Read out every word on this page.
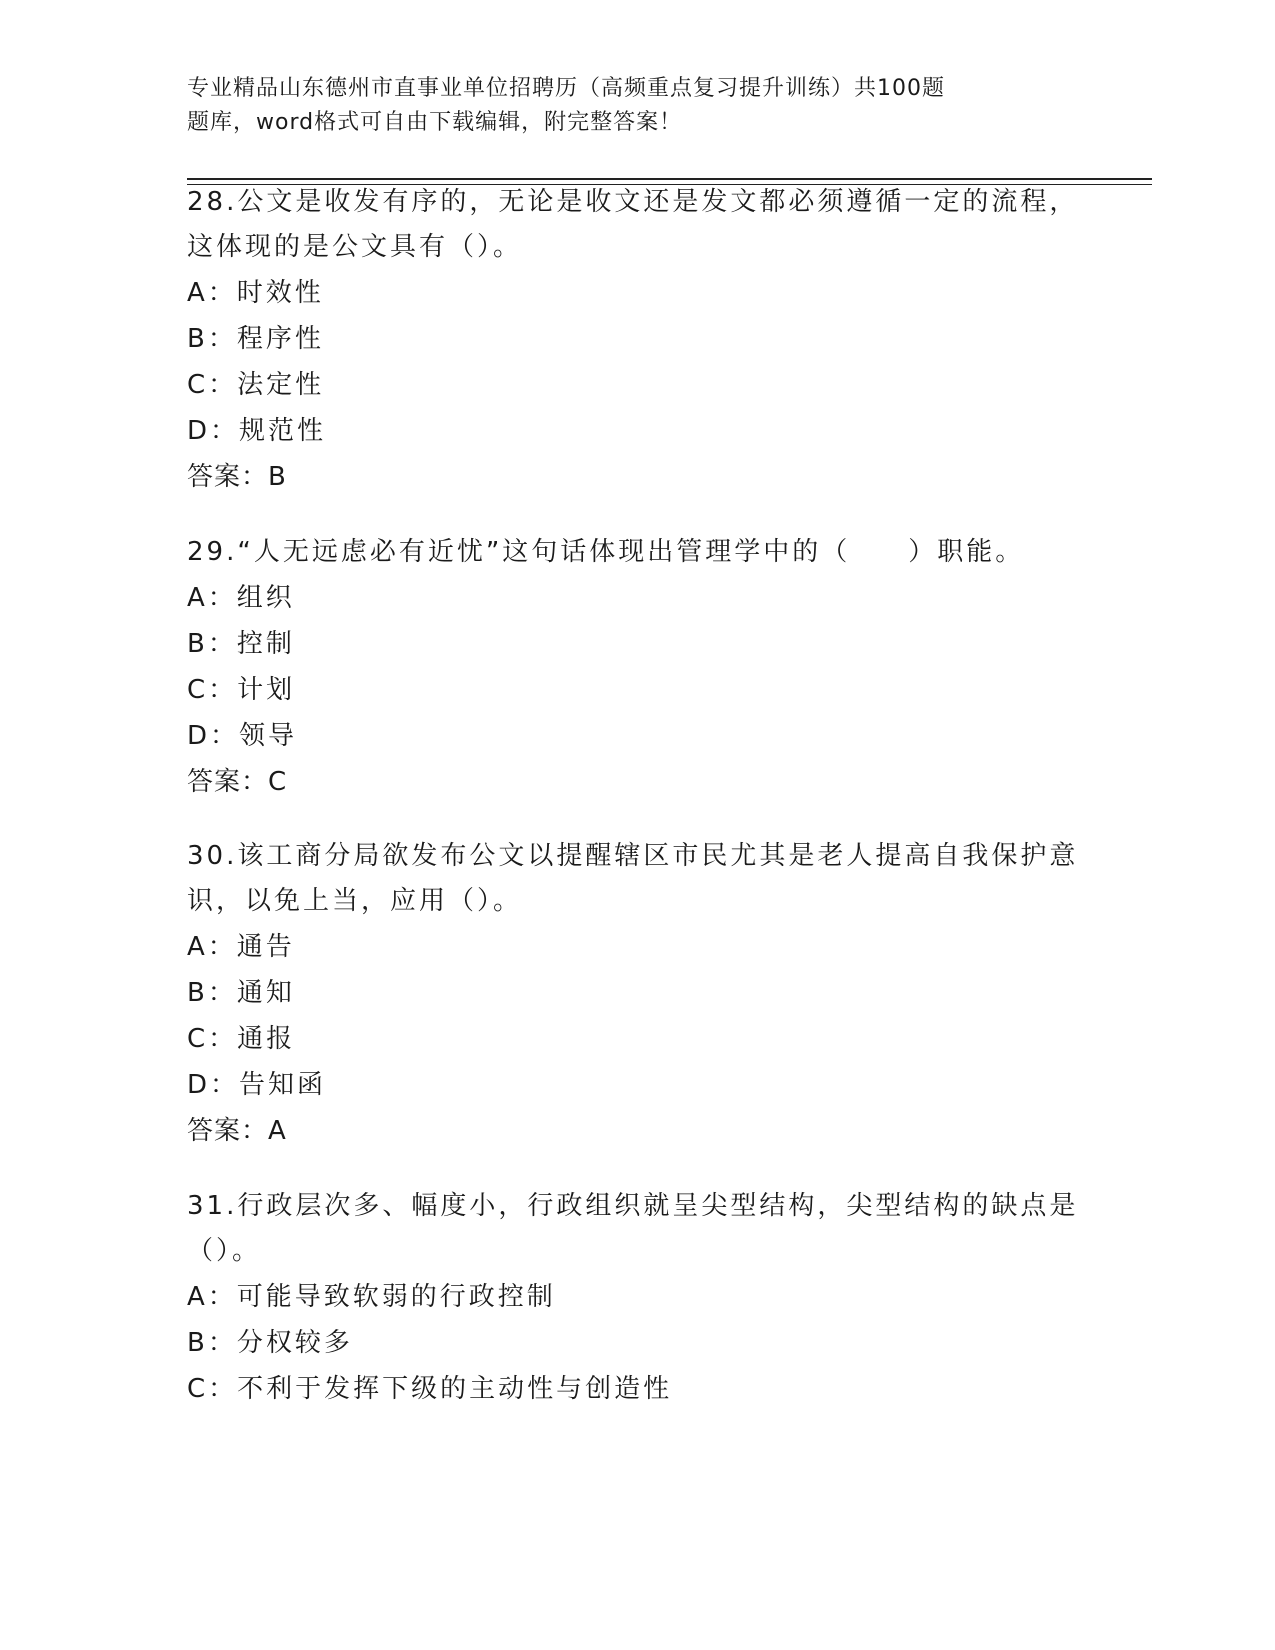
专业精品山东德州市直事业单位招聘历（高频重点复习提升训练）共100题
题库，word格式可自由下载编辑，附完整答案！

28.公文是收发有序的，无论是收文还是发文都必须遵循一定的流程，

这体现的是公文具有（）。

A：时效性

B：程序性

C：法定性

D：规范性

答案：B

29.“人无远虑必有近忧”这句话体现出管理学中的（　　）职能。

A：组织

B：控制

C：计划

D：领导

答案：C

30.该工商分局欲发布公文以提醒辖区市民尤其是老人提高自我保护意

识，以免上当，应用（）。

A：通告

B：通知

C：通报

D：告知函

答案：A

31.行政层次多、幅度小，行政组织就呈尖型结构，尖型结构的缺点是

（）。

A：可能导致软弱的行政控制

B：分权较多

C：不利于发挥下级的主动性与创造性
